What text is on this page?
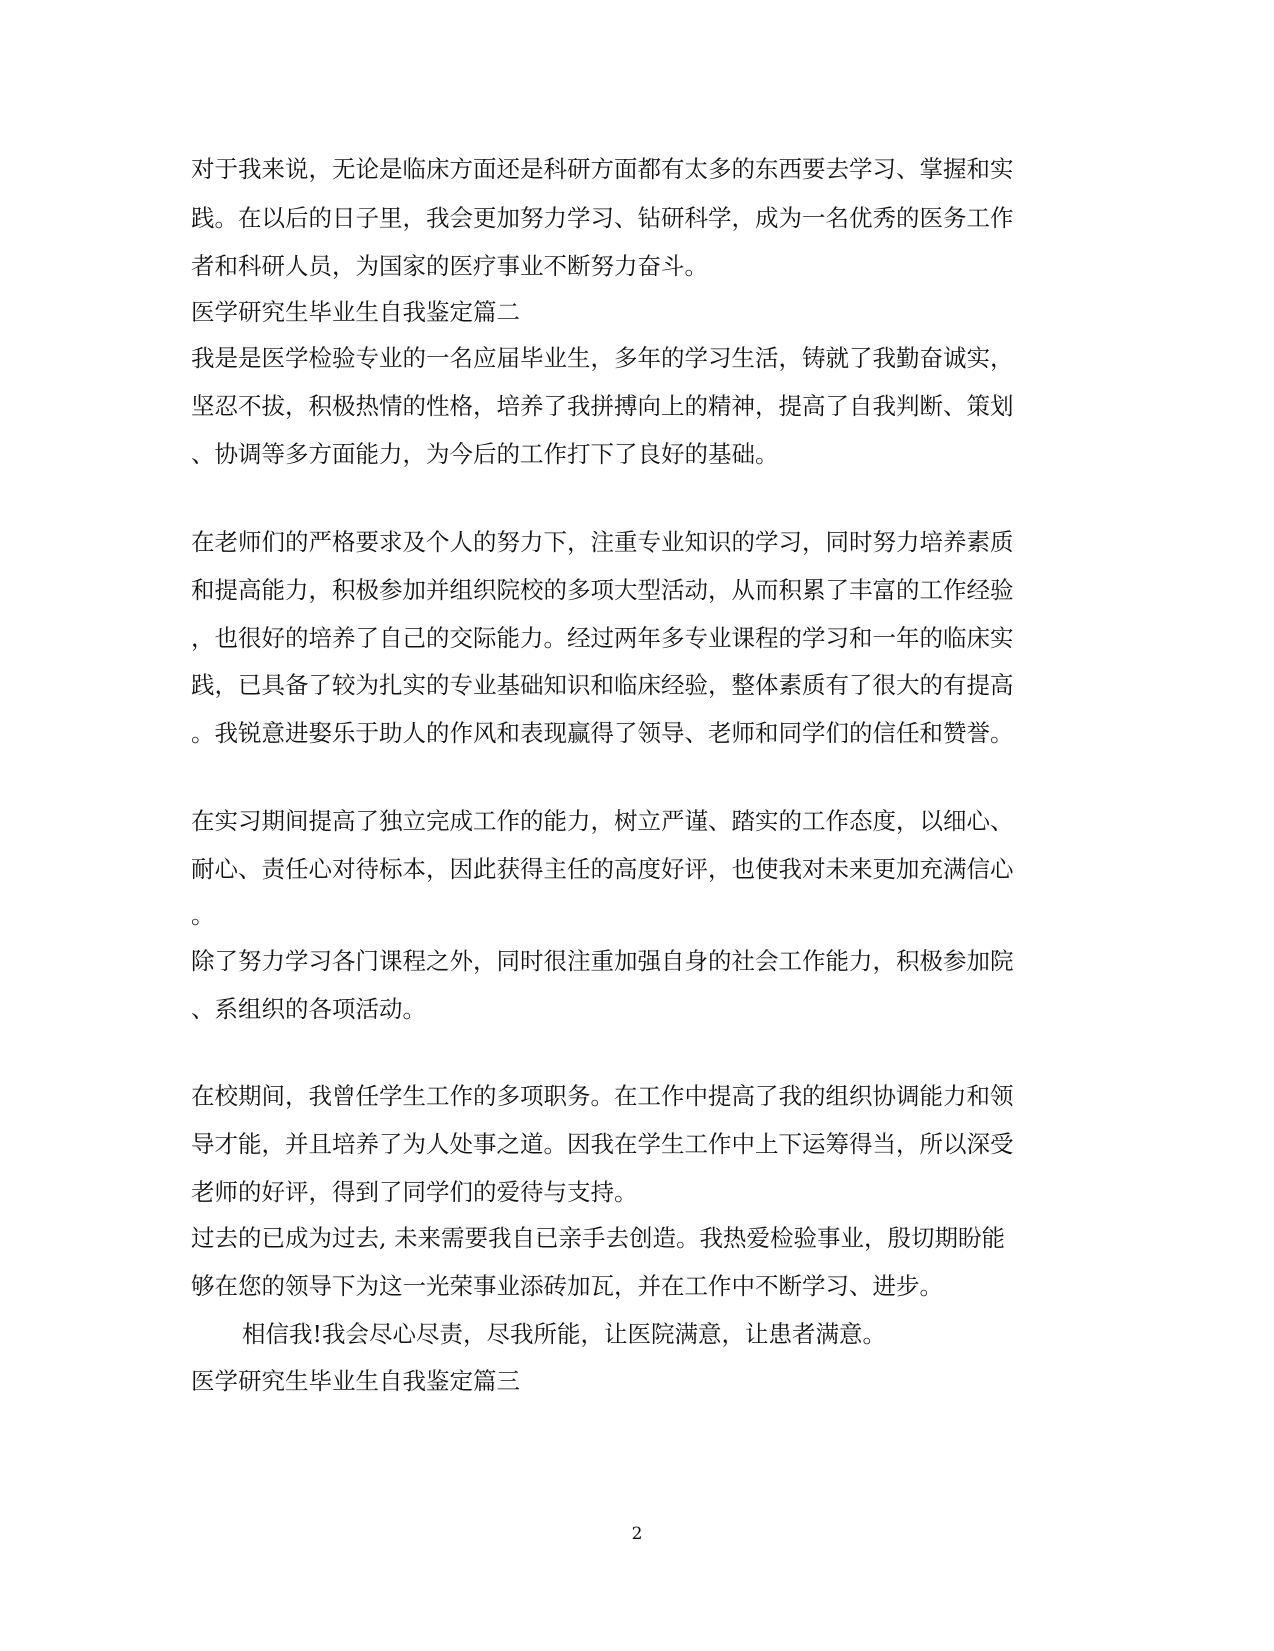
对于我来说，无论是临床方面还是科研方面都有太多的东西要去学习、掌握和实
践。在以后的日子里，我会更加努力学习、钻研科学，成为一名优秀的医务工作
者和科研人员，为国家的医疗事业不断努力奋斗。
医学研究生毕业生自我鉴定篇二
我是是医学检验专业的一名应届毕业生，多年的学习生活，铸就了我勤奋诚实，
坚忍不拔，积极热情的性格，培养了我拼搏向上的精神，提高了自我判断、策划
、协调等多方面能力，为今后的工作打下了良好的基础。
在老师们的严格要求及个人的努力下，注重专业知识的学习，同时努力培养素质
和提高能力，积极参加并组织院校的多项大型活动，从而积累了丰富的工作经验
，也很好的培养了自己的交际能力。经过两年多专业课程的学习和一年的临床实
践，已具备了较为扎实的专业基础知识和临床经验，整体素质有了很大的有提高
。我锐意进娶乐于助人的作风和表现赢得了领导、老师和同学们的信任和赞誉。
在实习期间提高了独立完成工作的能力，树立严谨、踏实的工作态度，以细心、
耐心、责任心对待标本，因此获得主任的高度好评，也使我对未来更加充满信心
。
除了努力学习各门课程之外，同时很注重加强自身的社会工作能力，积极参加院
、系组织的各项活动。
在校期间，我曾任学生工作的多项职务。在工作中提高了我的组织协调能力和领
导才能，并且培养了为人处事之道。因我在学生工作中上下运筹得当，所以深受
老师的好评，得到了同学们的爱待与支持。
过去的已成为过去, 未来需要我自已亲手去创造。我热爱检验事业，殷切期盼能
够在您的领导下为这一光荣事业添砖加瓦，并在工作中不断学习、进步。
相信我!我会尽心尽责，尽我所能，让医院满意，让患者满意。
医学研究生毕业生自我鉴定篇三
2
